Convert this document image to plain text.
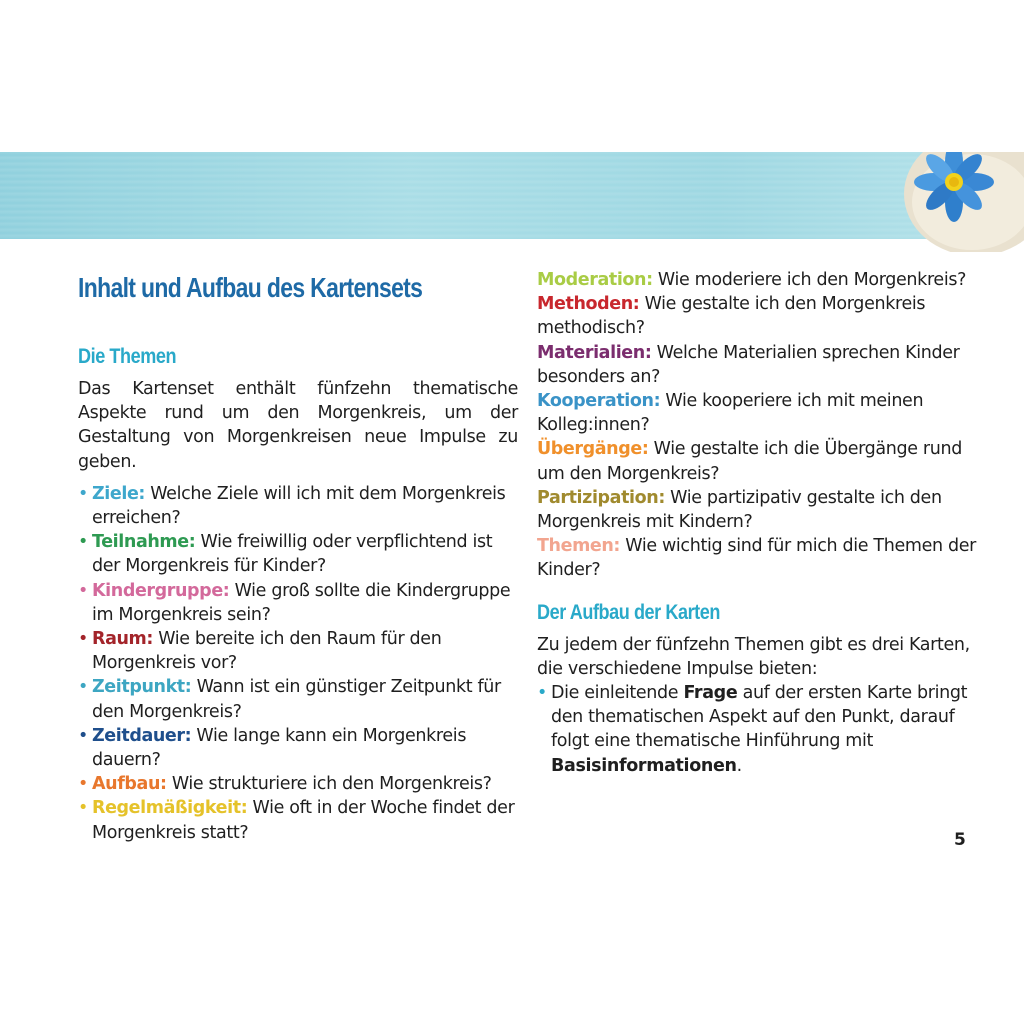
Inhalt und Aufbau des Kartensets
Die Themen

Das Kartenset enthält fünfzehn thematische Aspekte rund um den Morgenkreis, um der Gestaltung von Morgenkreisen neue Impulse zu geben.

• Ziele: Welche Ziele will ich mit dem Morgenkreis erreichen?
• Teilnahme: Wie freiwillig oder verpflichtend ist der Morgenkreis für Kinder?
• Kindergruppe: Wie groß sollte die Kindergruppe im Morgenkreis sein?
• Raum: Wie bereite ich den Raum für den Morgenkreis vor?
• Zeitpunkt: Wann ist ein günstiger Zeitpunkt für den Morgenkreis?
• Zeitdauer: Wie lange kann ein Morgenkreis dauern?
• Aufbau: Wie strukturiere ich den Morgenkreis?
• Regelmäßigkeit: Wie oft in der Woche findet der Morgenkreis statt?
Moderation: Wie moderiere ich den Morgenkreis?
Methoden: Wie gestalte ich den Morgenkreis methodisch?
Materialien: Welche Materialien sprechen Kinder besonders an?
Kooperation: Wie kooperiere ich mit meinen Kolleg:innen?
Übergänge: Wie gestalte ich die Übergänge rund um den Morgenkreis?
Partizipation: Wie partizipativ gestalte ich den Morgenkreis mit Kindern?
Themen: Wie wichtig sind für mich die Themen der Kinder?
Der Aufbau der Karten

Zu jedem der fünfzehn Themen gibt es drei Karten, die verschiedene Impulse bieten:

• Die einleitende Frage auf der ersten Karte bringt den thematischen Aspekt auf den Punkt, darauf folgt eine thematische Hinführung mit Basisinformationen.
5
